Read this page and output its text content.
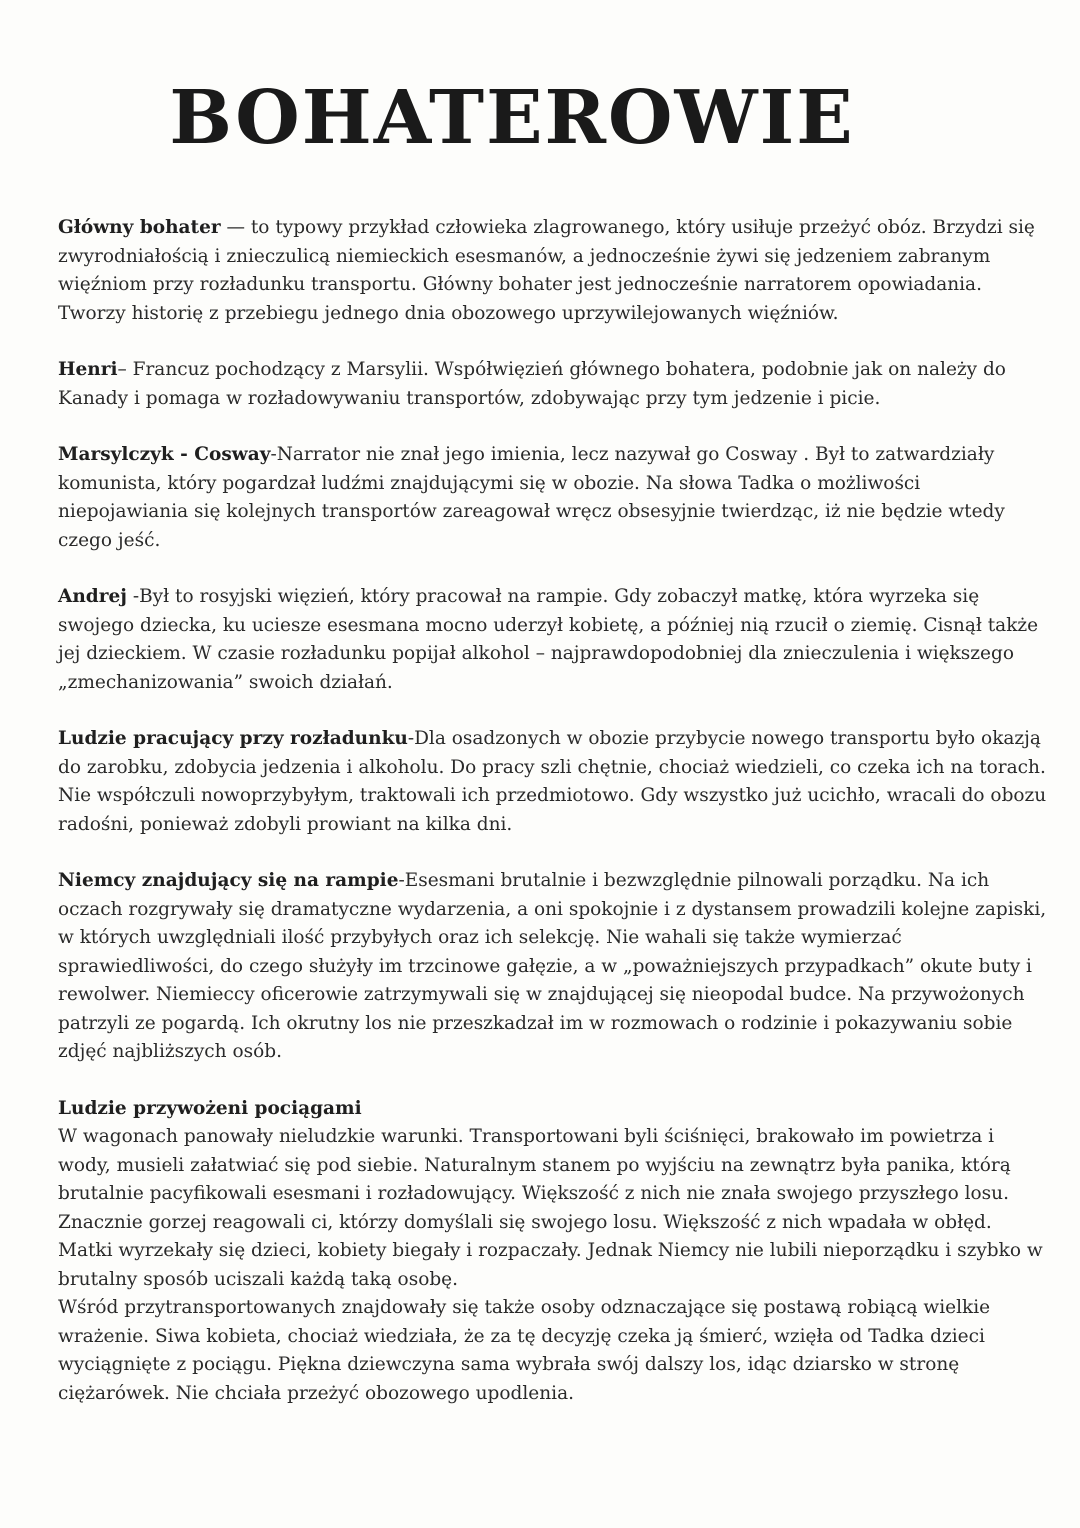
BOHATEROWIE

Główny bohater — to typowy przykład człowieka zlagrowanego, który usiłuje przeżyć obóz. Brzydzi się zwyrodniałością i znieczulicą niemieckich esesmanów, a jednocześnie żywi się jedzeniem zabranym więźniom przy rozładunku transportu. Główny bohater jest jednocześnie narratorem opowiadania. Tworzy historię z przebiegu jednego dnia obozowego uprzywilejowanych więźniów.

Henri– Francuz pochodzący z Marsylii. Współwięzień głównego bohatera, podobnie jak on należy do Kanady i pomaga w rozładowywaniu transportów, zdobywając przy tym jedzenie i picie.

Marsylczyk - Cosway-Narrator nie znał jego imienia, lecz nazywał go Cosway . Był to zatwardziały komunista, który pogardzał ludźmi znajdującymi się w obozie. Na słowa Tadka o możliwości niepojawiania się kolejnych transportów zareagował wręcz obsesyjnie twierdząc, iż nie będzie wtedy czego jeść.

Andrej -Był to rosyjski więzień, który pracował na rampie. Gdy zobaczył matkę, która wyrzeka się swojego dziecka, ku uciesze esesmana mocno uderzył kobietę, a później nią rzucił o ziemię. Cisnął także jej dzieckiem. W czasie rozładunku popijał alkohol – najprawdopodobniej dla znieczulenia i większego „zmechanizowania” swoich działań.

Ludzie pracujący przy rozładunku-Dla osadzonych w obozie przybycie nowego transportu było okazją do zarobku, zdobycia jedzenia i alkoholu. Do pracy szli chętnie, chociaż wiedzieli, co czeka ich na torach. Nie współczuli nowoprzybyłym, traktowali ich przedmiotowo. Gdy wszystko już ucichło, wracali do obozu radośni, ponieważ zdobyli prowiant na kilka dni.

Niemcy znajdujący się na rampie-Esesmani brutalnie i bezwzględnie pilnowali porządku. Na ich oczach rozgrywały się dramatyczne wydarzenia, a oni spokojnie i z dystansem prowadzili kolejne zapiski, w których uwzględniali ilość przybyłych oraz ich selekcję. Nie wahali się także wymierzać sprawiedliwości, do czego służyły im trzcinowe gałęzie, a w „poważniejszych przypadkach” okute buty i rewolwer. Niemieccy oficerowie zatrzymywali się w znajdującej się nieopodal budce. Na przywożonych patrzyli ze pogardą. Ich okrutny los nie przeszkadzał im w rozmowach o rodzinie i pokazywaniu sobie zdjęć najbliższych osób.

Ludzie przywożeni pociągami
W wagonach panowały nieludzkie warunki. Transportowani byli ściśnięci, brakowało im powietrza i wody, musieli załatwiać się pod siebie. Naturalnym stanem po wyjściu na zewnątrz była panika, którą brutalnie pacyfikowali esesmani i rozładowujący. Większość z nich nie znała swojego przyszłego losu. Znacznie gorzej reagowali ci, którzy domyślali się swojego losu. Większość z nich wpadała w obłęd. Matki wyrzekały się dzieci, kobiety biegały i rozpaczały. Jednak Niemcy nie lubili nieporządku i szybko w brutalny sposób uciszali każdą taką osobę.
Wśród przytransportowanych znajdowały się także osoby odznaczające się postawą robiącą wielkie wrażenie. Siwa kobieta, chociaż wiedziała, że za tę decyzję czeka ją śmierć, wzięła od Tadka dzieci wyciągnięte z pociągu. Piękna dziewczyna sama wybrała swój dalszy los, idąc dziarsko w stronę ciężarówek. Nie chciała przeżyć obozowego upodlenia.
